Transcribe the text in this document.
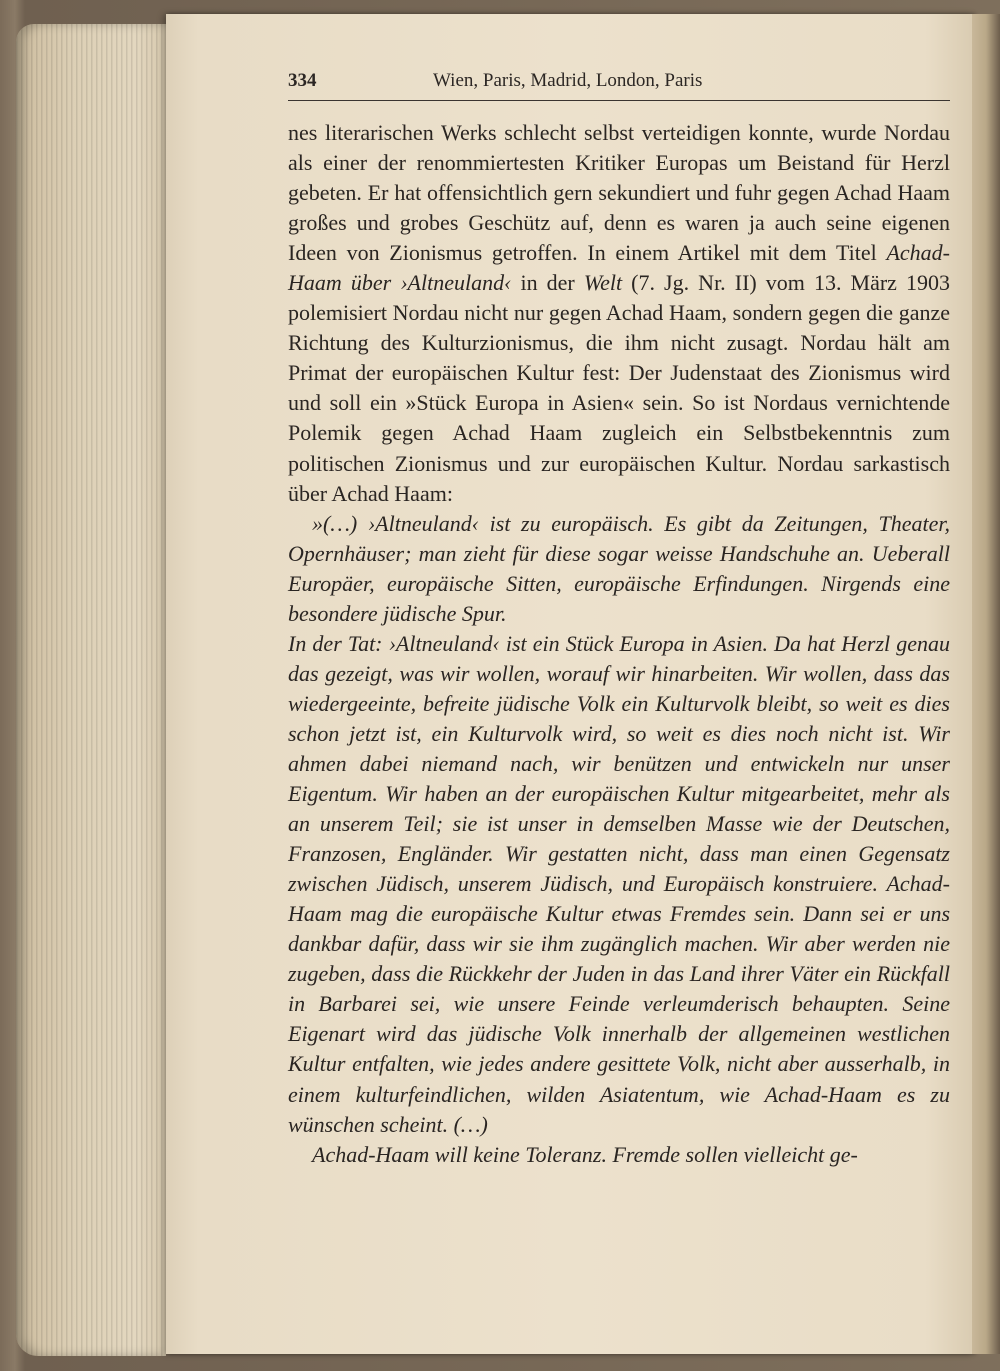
334	Wien, Paris, Madrid, London, Paris

nes literarischen Werks schlecht selbst verteidigen konnte, wurde Nordau als einer der renommiertesten Kritiker Europas um Beistand für Herzl gebeten. Er hat offensichtlich gern sekundiert und fuhr gegen Achad Haam großes und grobes Geschütz auf, denn es waren ja auch seine eigenen Ideen von Zionismus getroffen. In einem Artikel mit dem Titel Achad-Haam über ›Altneuland‹ in der Welt (7. Jg. Nr. II) vom 13. März 1903 polemisiert Nordau nicht nur gegen Achad Haam, sondern gegen die ganze Richtung des Kulturzionismus, die ihm nicht zusagt. Nordau hält am Primat der europäischen Kultur fest: Der Judenstaat des Zionismus wird und soll ein »Stück Europa in Asien« sein. So ist Nordaus vernichtende Polemik gegen Achad Haam zugleich ein Selbstbekenntnis zum politischen Zionismus und zur europäischen Kultur. Nordau sarkastisch über Achad Haam:

»(…) ›Altneuland‹ ist zu europäisch. Es gibt da Zeitungen, Theater, Opernhäuser; man zieht für diese sogar weisse Handschuhe an. Ueberall Europäer, europäische Sitten, europäische Erfindungen. Nirgends eine besondere jüdische Spur.

In der Tat: ›Altneuland‹ ist ein Stück Europa in Asien. Da hat Herzl genau das gezeigt, was wir wollen, worauf wir hinarbeiten. Wir wollen, dass das wiedergeeinte, befreite jüdische Volk ein Kulturvolk bleibt, so weit es dies schon jetzt ist, ein Kulturvolk wird, so weit es dies noch nicht ist. Wir ahmen dabei niemand nach, wir benützen und entwickeln nur unser Eigentum. Wir haben an der europäischen Kultur mitgearbeitet, mehr als an unserem Teil; sie ist unser in demselben Masse wie der Deutschen, Franzosen, Engländer. Wir gestatten nicht, dass man einen Gegensatz zwischen Jüdisch, unserem Jüdisch, und Europäisch konstruiere. Achad-Haam mag die europäische Kultur etwas Fremdes sein. Dann sei er uns dankbar dafür, dass wir sie ihm zugänglich machen. Wir aber werden nie zugeben, dass die Rückkehr der Juden in das Land ihrer Väter ein Rückfall in Barbarei sei, wie unsere Feinde verleumderisch behaupten. Seine Eigenart wird das jüdische Volk innerhalb der allgemeinen westlichen Kultur entfalten, wie jedes andere gesittete Volk, nicht aber ausserhalb, in einem kulturfeindlichen, wilden Asiatentum, wie Achad-Haam es zu wünschen scheint. (…)

Achad-Haam will keine Toleranz. Fremde sollen vielleicht ge-
